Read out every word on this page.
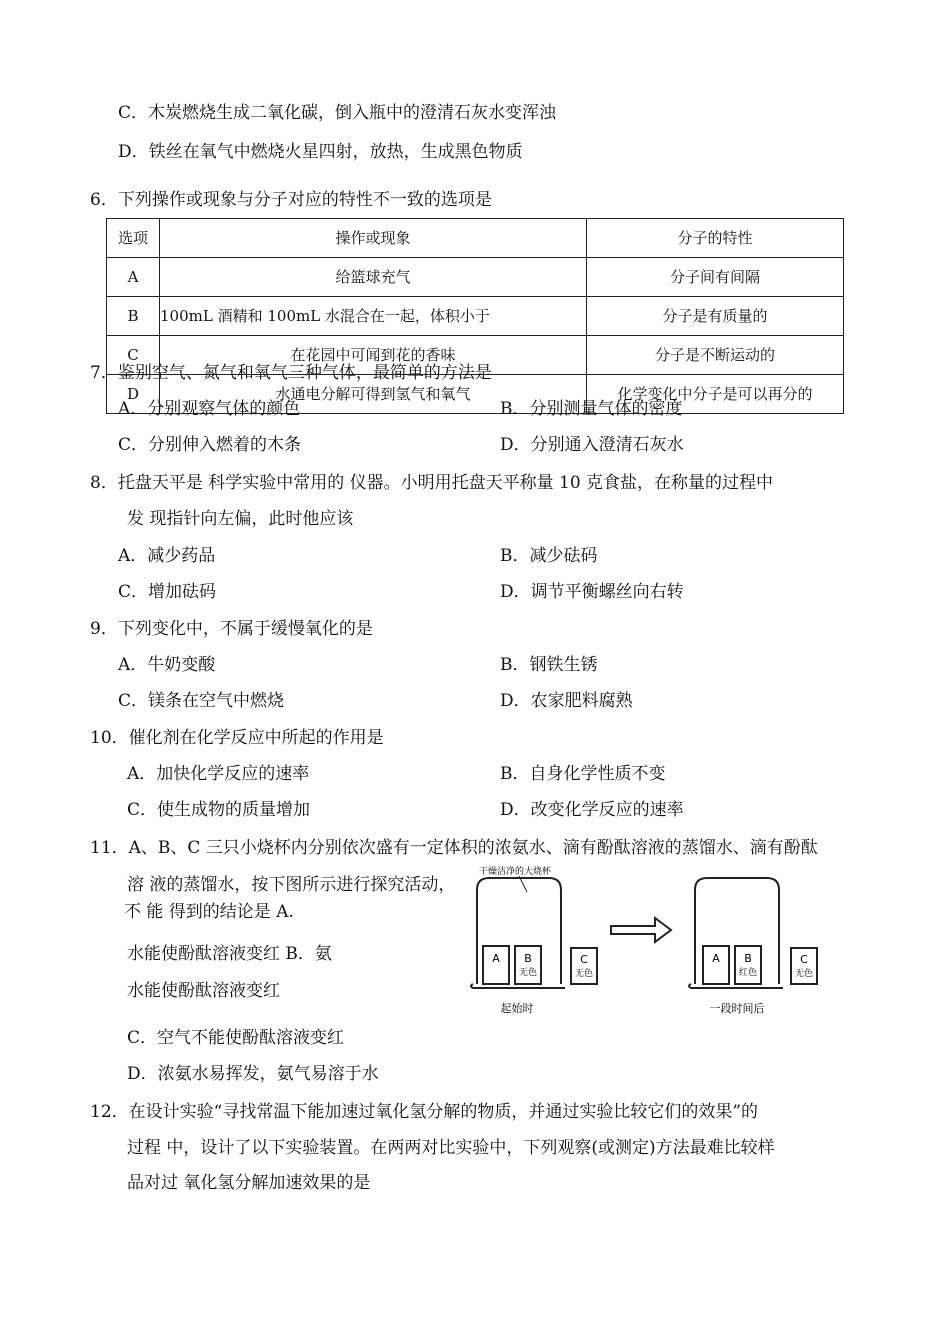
C．木炭燃烧生成二氧化碳，倒入瓶中的澄清石灰水变浑浊
D．铁丝在氧气中燃烧火星四射，放热，生成黑色物质
6．下列操作或现象与分子对应的特性不一致的选项是
选项	操作或现象	分子的特性
A	给篮球充气	分子间有间隔
B	100mL 酒精和 100mL 水混合在一起，体积小于	分子是有质量的
C	在花园中可闻到花的香味	分子是不断运动的
D	水通电分解可得到氢气和氧气	化学变化中分子是可以再分的
7．鉴别空气、氮气和氧气三种气体，最简单的方法是
A．分别观察气体的颜色	B．分别测量气体的密度
C．分别伸入燃着的木条	D．分别通入澄清石灰水
8．托盘天平是 科学实验中常用的 仪器。小明用托盘天平称量 10 克食盐，在称量的过程中
发 现指针向左偏，此时他应该
A．减少药品	B．减少砝码
C．增加砝码	D．调节平衡螺丝向右转
9．下列变化中，不属于缓慢氧化的是
A．牛奶变酸	B．钢铁生锈
C．镁条在空气中燃烧	D．农家肥料腐熟
10．催化剂在化学反应中所起的作用是
A．加快化学反应的速率	B．自身化学性质不变
C．使生成物的质量增加	D．改变化学反应的速率
11．A、B、C 三只小烧杯内分别依次盛有一定体积的浓氨水、滴有酚酞溶液的蒸馏水、滴有酚酞
溶 液的蒸馏水，按下图所示进行探究活动，
不 能 得到的结论是 A.
水能使酚酞溶液变红 B．氨
水能使酚酞溶液变红
干燥洁净的大烧杯
A B
无色
C
无色
起始时
A B
红色
C
无色
一段时间后
C．空气不能使酚酞溶液变红
D．浓氨水易挥发，氨气易溶于水
12．在设计实验“寻找常温下能加速过氧化氢分解的物质，并通过实验比较它们的效果”的
过程 中，设计了以下实验装置。在两两对比实验中，下列观察(或测定)方法最难比较样
品对过 氧化氢分解加速效果的是
